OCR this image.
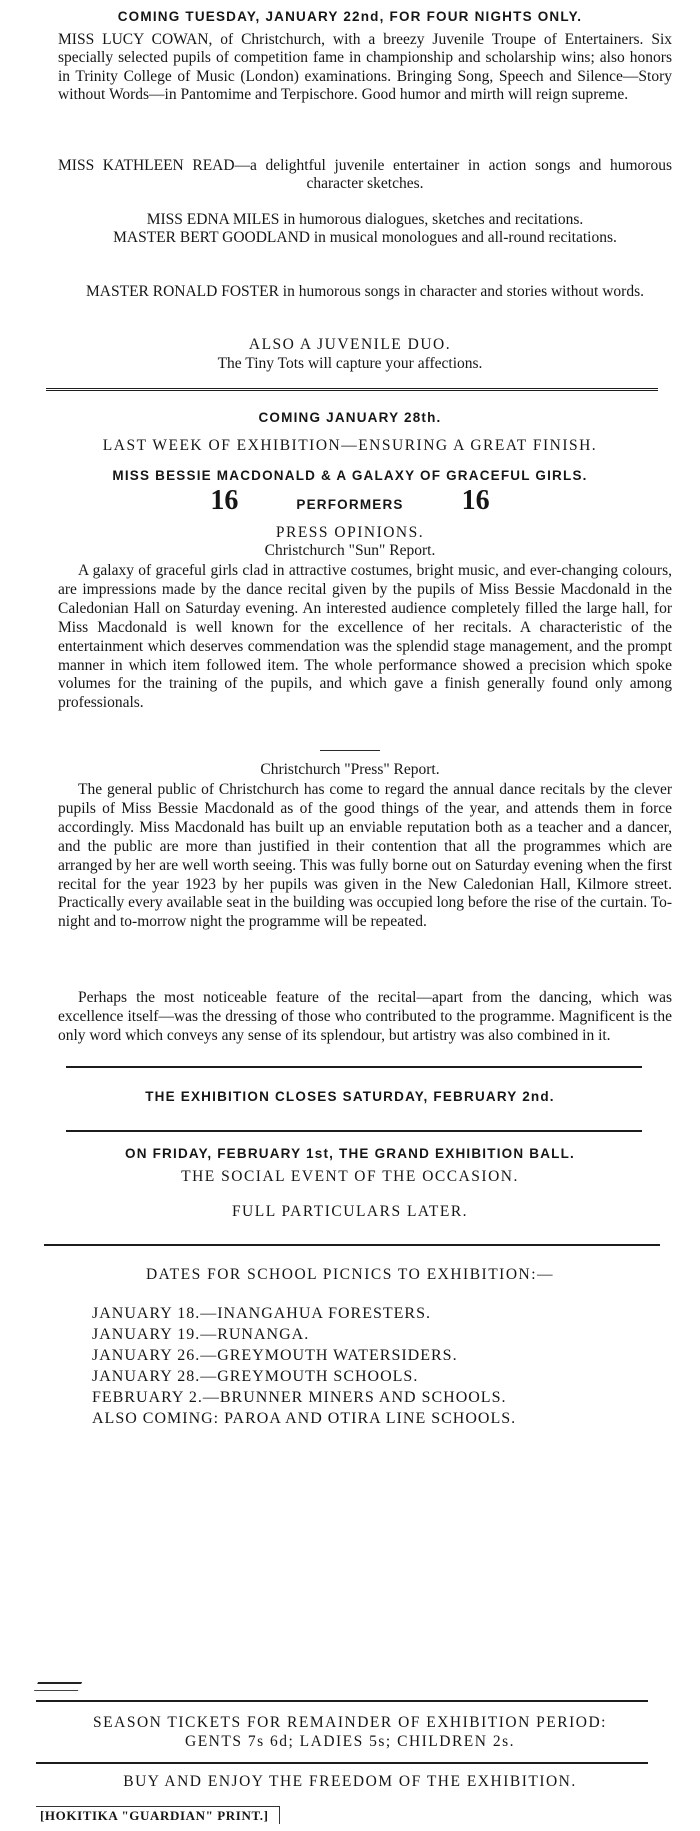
COMING TUESDAY, JANUARY 22nd, FOR FOUR NIGHTS ONLY.
MISS LUCY COWAN, of Christchurch, with a breezy Juvenile Troupe of Entertainers. Six specially selected pupils of competition fame in championship and scholarship wins; also honors in Trinity College of Music (London) examinations. Bringing Song, Speech and Silence—Story without Words—in Pantomime and Terpischore. Good humor and mirth will reign supreme.
MISS KATHLEEN READ—a delightful juvenile entertainer in action songs and humorous character sketches.
MISS EDNA MILES in humorous dialogues, sketches and recitations.
MASTER BERT GOODLAND in musical monologues and all-round recitations.
MASTER RONALD FOSTER in humorous songs in character and stories without words.
ALSO A JUVENILE DUO.
The Tiny Tots will capture your affections.
COMING JANUARY 28th.
LAST WEEK OF EXHIBITION—ENSURING A GREAT FINISH.
MISS BESSIE MACDONALD & A GALAXY OF GRACEFUL GIRLS.
16	PERFORMERS 16
PRESS OPINIONS.
Christchurch "Sun" Report.
A galaxy of graceful girls clad in attractive costumes, bright music, and ever-changing colours, are impressions made by the dance recital given by the pupils of Miss Bessie Macdonald in the Caledonian Hall on Saturday evening. An interested audience completely filled the large hall, for Miss Macdonald is well known for the excellence of her recitals. A characteristic of the entertainment which deserves commendation was the splendid stage management, and the prompt manner in which item followed item. The whole performance showed a precision which spoke volumes for the training of the pupils, and which gave a finish generally found only among professionals.
Christchurch "Press" Report.
The general public of Christchurch has come to regard the annual dance recitals by the clever pupils of Miss Bessie Macdonald as of the good things of the year, and attends them in force accordingly. Miss Macdonald has built up an enviable reputation both as a teacher and a dancer, and the public are more than justified in their contention that all the programmes which are arranged by her are well worth seeing. This was fully borne out on Saturday evening when the first recital for the year 1923 by her pupils was given in the New Caledonian Hall, Kilmore street. Practically every available seat in the building was occupied long before the rise of the curtain. To-night and to-morrow night the programme will be repeated.
Perhaps the most noticeable feature of the recital—apart from the dancing, which was excellence itself—was the dressing of those who contributed to the programme. Magnificent is the only word which conveys any sense of its splendour, but artistry was also combined in it.
THE EXHIBITION CLOSES SATURDAY, FEBRUARY 2nd.
ON FRIDAY, FEBRUARY 1st, THE GRAND EXHIBITION BALL.
THE SOCIAL EVENT OF THE OCCASION.
FULL PARTICULARS LATER.
DATES FOR SCHOOL PICNICS TO EXHIBITION:—
JANUARY 18.—INANGAHUA FORESTERS.
JANUARY 19.—RUNANGA.
JANUARY 26.—GREYMOUTH WATERSIDERS.
JANUARY 28.—GREYMOUTH SCHOOLS.
FEBRUARY 2.—BRUNNER MINERS AND SCHOOLS.
ALSO COMING: PAROA AND OTIRA LINE SCHOOLS.
SEASON TICKETS FOR REMAINDER OF EXHIBITION PERIOD:
GENTS 7s 6d; LADIES 5s; CHILDREN 2s.
BUY AND ENJOY THE FREEDOM OF THE EXHIBITION.
[HOKITIKA "GUARDIAN" PRINT.]
